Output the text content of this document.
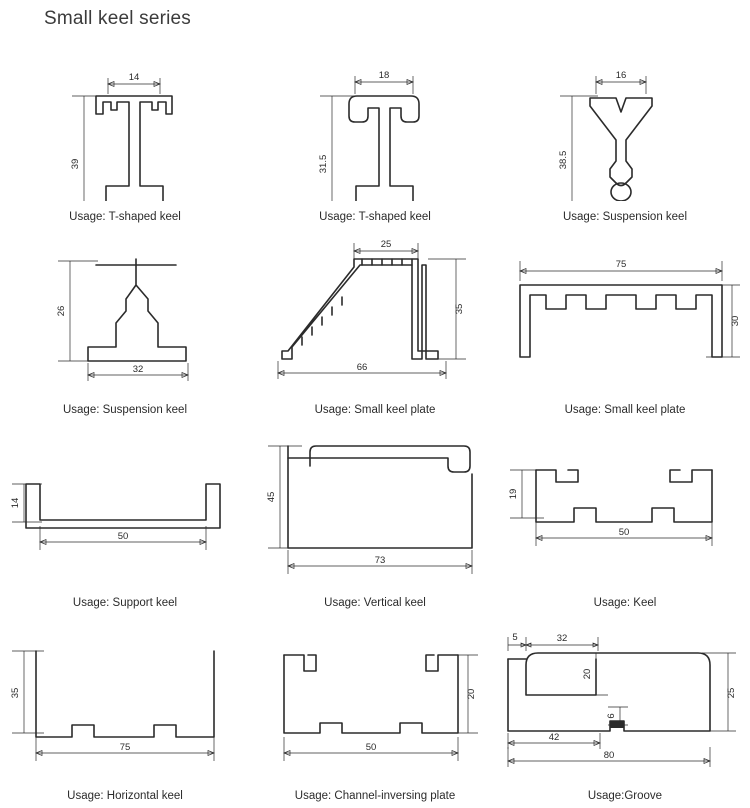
Small keel series
14
39
Usage: T-shaped keel
18
31.5
Usage: T-shaped keel
16
38.5
Usage: Suspension keel
26
32
Usage: Suspension keel
25
35
66
Usage: Small keel plate
75
30
Usage: Small keel plate
14
50
Usage: Support keel
45
73
Usage: Vertical keel
19
50
Usage: Keel
35
75
Usage: Horizontal keel
20
50
Usage: Channel-inversing plate
5	32
20
25
6
42
80
Usage:Groove
